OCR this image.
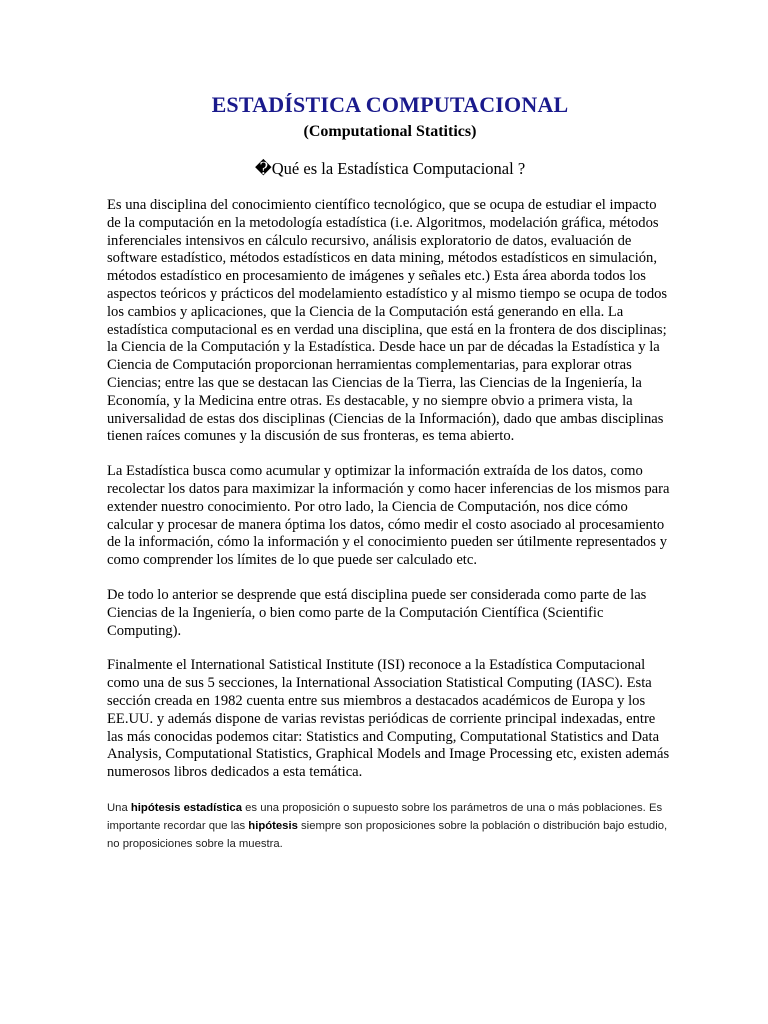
ESTADÍSTICA COMPUTACIONAL

(Computational Statitics)

�Qué es la Estadística Computacional ?

Es una disciplina del conocimiento científico tecnológico, que se ocupa de estudiar el impacto de la computación en la metodología estadística (i.e. Algoritmos, modelación gráfica, métodos inferenciales intensivos en cálculo recursivo, análisis exploratorio de datos, evaluación de software estadístico, métodos estadísticos en data mining, métodos estadísticos en simulación, métodos estadístico en procesamiento de imágenes y señales etc.) Esta área aborda todos los aspectos teóricos y prácticos del modelamiento estadístico y al mismo tiempo se ocupa de todos los cambios y aplicaciones, que la Ciencia de la Computación está generando en ella. La estadística computacional es en verdad una disciplina, que está en la frontera de dos disciplinas; la Ciencia de la Computación y la Estadística. Desde hace un par de décadas la Estadística y la Ciencia de Computación proporcionan herramientas complementarias, para explorar otras Ciencias; entre las que se destacan las Ciencias de la Tierra, las Ciencias de la Ingeniería, la Economía, y la Medicina entre otras. Es destacable, y no siempre obvio a primera vista, la universalidad de estas dos disciplinas (Ciencias de la Información), dado que ambas disciplinas tienen raíces comunes y la discusión de sus fronteras, es tema abierto.

La Estadística busca como acumular y optimizar la información extraída de los datos, como recolectar los datos para maximizar la información y como hacer inferencias de los mismos para extender nuestro conocimiento. Por otro lado, la Ciencia de Computación, nos dice cómo calcular y procesar de manera óptima los datos, cómo medir el costo asociado al procesamiento de la información, cómo la información y el conocimiento pueden ser útilmente representados y como comprender los límites de lo que puede ser calculado etc.

De todo lo anterior se desprende que está disciplina puede ser considerada como parte de las Ciencias de la Ingeniería, o bien como parte de la Computación Científica (Scientific Computing).

Finalmente el International Satistical Institute (ISI) reconoce a la Estadística Computacional como una de sus 5 secciones, la International Association Statistical Computing (IASC). Esta sección creada en 1982 cuenta entre sus miembros a destacados académicos de Europa y los EE.UU. y además dispone de varias revistas periódicas de corriente principal indexadas, entre las más conocidas podemos citar: Statistics and Computing, Computational Statistics and Data Analysis, Computational Statistics, Graphical Models and Image Processing etc, existen además numerosos libros dedicados a esta temática.

Una hipótesis estadística es una proposición o supuesto sobre los parámetros de una o más poblaciones. Es importante recordar que las hipótesis siempre son proposiciones sobre la población o distribución bajo estudio, no proposiciones sobre la muestra.
